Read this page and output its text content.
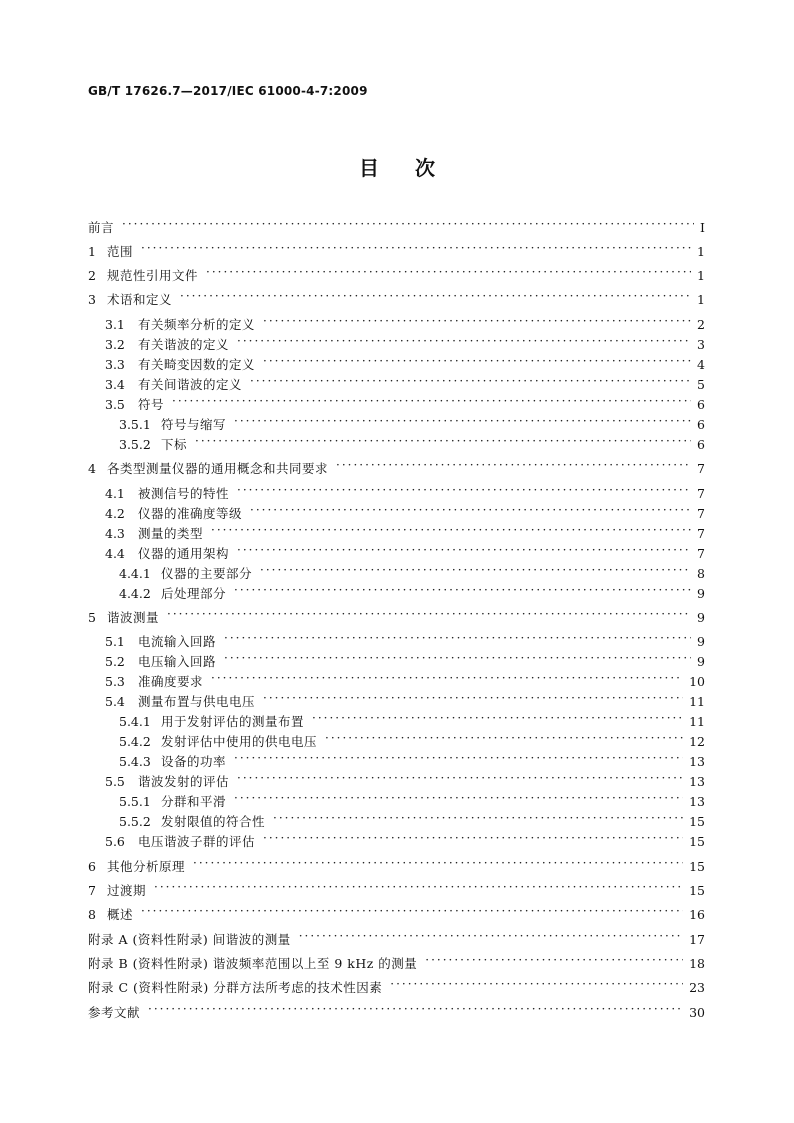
GB/T 17626.7—2017/IEC 61000-4-7:2009
目次
前言 ·····	Ⅰ
1 范围 ·····	1
2 规范性引用文件 ·····	1
3 术语和定义 ·····	1
3.1	有关频率分析的定义 ·····	2
3.2	有关谐波的定义 ·····	3
3.3	有关畸变因数的定义 ·····	4
3.4	有关间谐波的定义 ·····	5
3.5	符号 ·····	6
3.5.1 符号与缩写 ·····	6
3.5.2 下标 ·····	6
4 各类型测量仪器的通用概念和共同要求 ·····	7
4.1	被测信号的特性 ·····	7
4.2	仪器的准确度等级 ·····	7
4.3	测量的类型 ·····	7
4.4	仪器的通用架构 ·····	7
4.4.1 仪器的主要部分 ·····	8
4.4.2 后处理部分 ·····	9
5 谐波测量 ·····	9
5.1	电流输入回路 ·····	9
5.2	电压输入回路 ·····	9
5.3	准确度要求 ·····	10
5.4	测量布置与供电电压 ·····	11
5.4.1 用于发射评估的测量布置 ·····	11
5.4.2 发射评估中使用的供电电压 ·····	12
5.4.3 设备的功率 ·····	13
5.5	谐波发射的评估 ·····	13
5.5.1 分群和平滑 ·····	13
5.5.2 发射限值的符合性 ·····	15
5.6	电压谐波子群的评估 ·····	15
6 其他分析原理 ·····	15
7 过渡期 ·····	15
8 概述 ·····	16
附录 A (资料性附录) 间谐波的测量 ·····	17
附录 B (资料性附录) 谐波频率范围以上至 9 kHz 的测量 ·····	18
附录 C (资料性附录) 分群方法所考虑的技术性因素 ·····	23
参考文献 ·····	30
